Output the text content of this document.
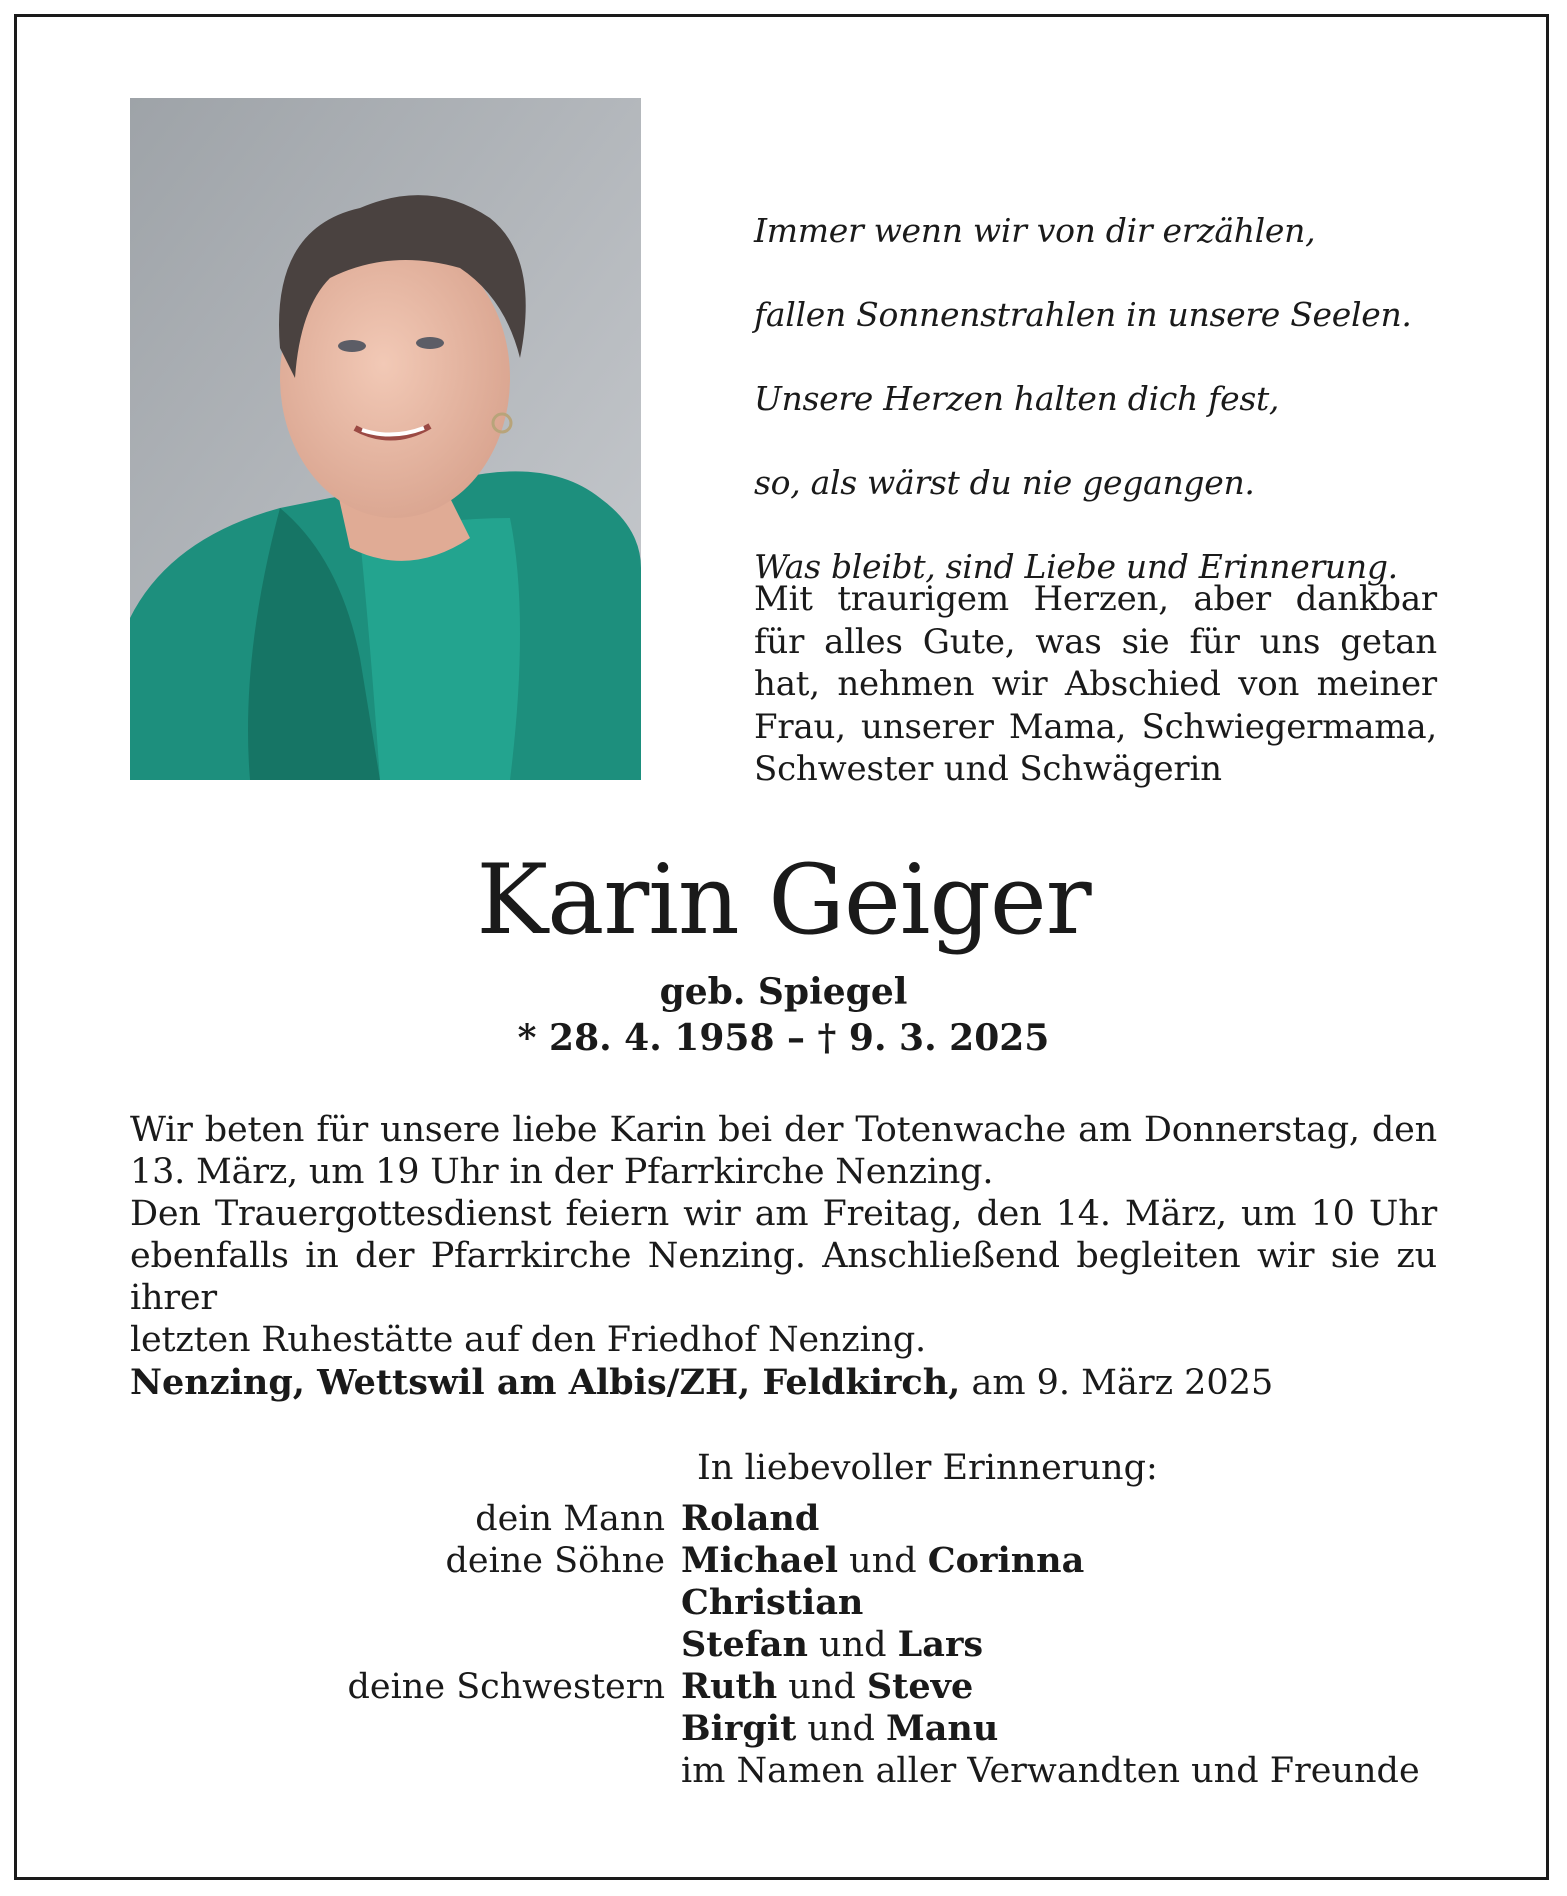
Immer wenn wir von dir erzählen,

fallen Sonnenstrahlen in unsere Seelen.

Unsere Herzen halten dich fest,

so, als wärst du nie gegangen.

Was bleibt, sind Liebe und Erinnerung.

Mit traurigem Herzen, aber dankbar
für alles Gute, was sie für uns getan
hat, nehmen wir Abschied von meiner
Frau, unserer Mama, Schwiegermama,
Schwester und Schwägerin
Karin Geiger
geb. Spiegel
* 28. 4. 1958 – † 9. 3. 2025
Wir beten für unsere liebe Karin bei der Totenwache am Donnerstag, den
13. März, um 19 Uhr in der Pfarrkirche Nenzing.
Den Trauergottesdienst feiern wir am Freitag, den 14. März, um 10 Uhr
ebenfalls in der Pfarrkirche Nenzing. Anschließend begleiten wir sie zu ihrer
letzten Ruhestätte auf den Friedhof Nenzing.
Nenzing, Wettswil am Albis/ZH, Feldkirch, am 9. März 2025
In liebevoller Erinnerung:
dein Mann Roland
deine Söhne Michael und Corinna
Christian
Stefan und Lars
deine Schwestern Ruth und Steve
Birgit und Manu
im Namen aller Verwandten und Freunde
